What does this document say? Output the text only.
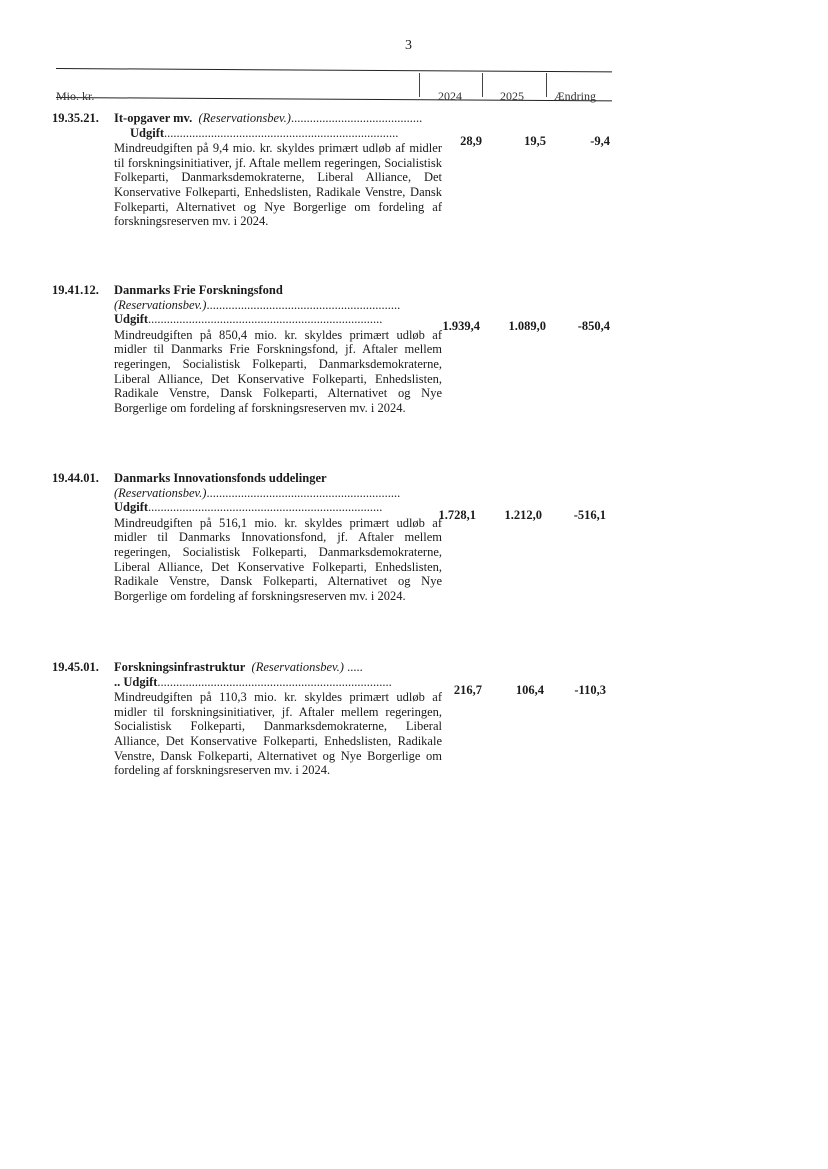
3
Mio. kr.	2024	2025	Ændring
19.35.21. It-opgaver mv. (Reservationsbev.)..........................................
Udgift...........................................................................
Mindreudgiften på 9,4 mio. kr. skyldes primært udløb af midler til forskningsinitiativer, jf. Aftale mellem regeringen, Socialistisk Folkeparti, Danmarksdemokraterne, Liberal Alliance, Det Konservative Folkeparti, Enhedslisten, Radikale Venstre, Dansk Folkeparti, Alternativet og Nye Borgerlige om fordeling af forskningsreserven mv. i 2024.
28,9	19,5	-9,4
19.41.12. Danmarks Frie Forskningsfond
(Reservationsbev.)..............................................................
Udgift...........................................................................
Mindreudgiften på 850,4 mio. kr. skyldes primært udløb af midler til Danmarks Frie Forskningsfond, jf. Aftaler mellem regeringen, Socialistisk Folkeparti, Danmarksdemokraterne, Liberal Alliance, Det Konservative Folkeparti, Enhedslisten, Radikale Venstre, Dansk Folkeparti, Alternativet og Nye Borgerlige om fordeling af forskningsreserven mv. i 2024.
1.939,4	1.089,0	-850,4
19.44.01. Danmarks Innovationsfonds uddelinger
(Reservationsbev.)..............................................................
Udgift...........................................................................
Mindreudgiften på 516,1 mio. kr. skyldes primært udløb af midler til Danmarks Innovationsfond, jf. Aftaler mellem regeringen, Socialistisk Folkeparti, Danmarksdemokraterne, Liberal Alliance, Det Konservative Folkeparti, Enhedslisten, Radikale Venstre, Dansk Folkeparti, Alternativet og Nye Borgerlige om fordeling af forskningsreserven mv. i 2024.
1.728,1	1.212,0	-516,1
19.45.01. Forskningsinfrastruktur (Reservationsbev.) .....
.. Udgift...........................................................................
Mindreudgiften på 110,3 mio. kr. skyldes primært udløb af midler til forskningsinitiativer, jf. Aftaler mellem regeringen, Socialistisk Folkeparti, Danmarksdemokraterne, Liberal Alliance, Det Konservative Folkeparti, Enhedslisten, Radikale Venstre, Dansk Folkeparti, Alternativet og Nye Borgerlige om fordeling af forskningsreserven mv. i 2024.
216,7	106,4	-110,3
